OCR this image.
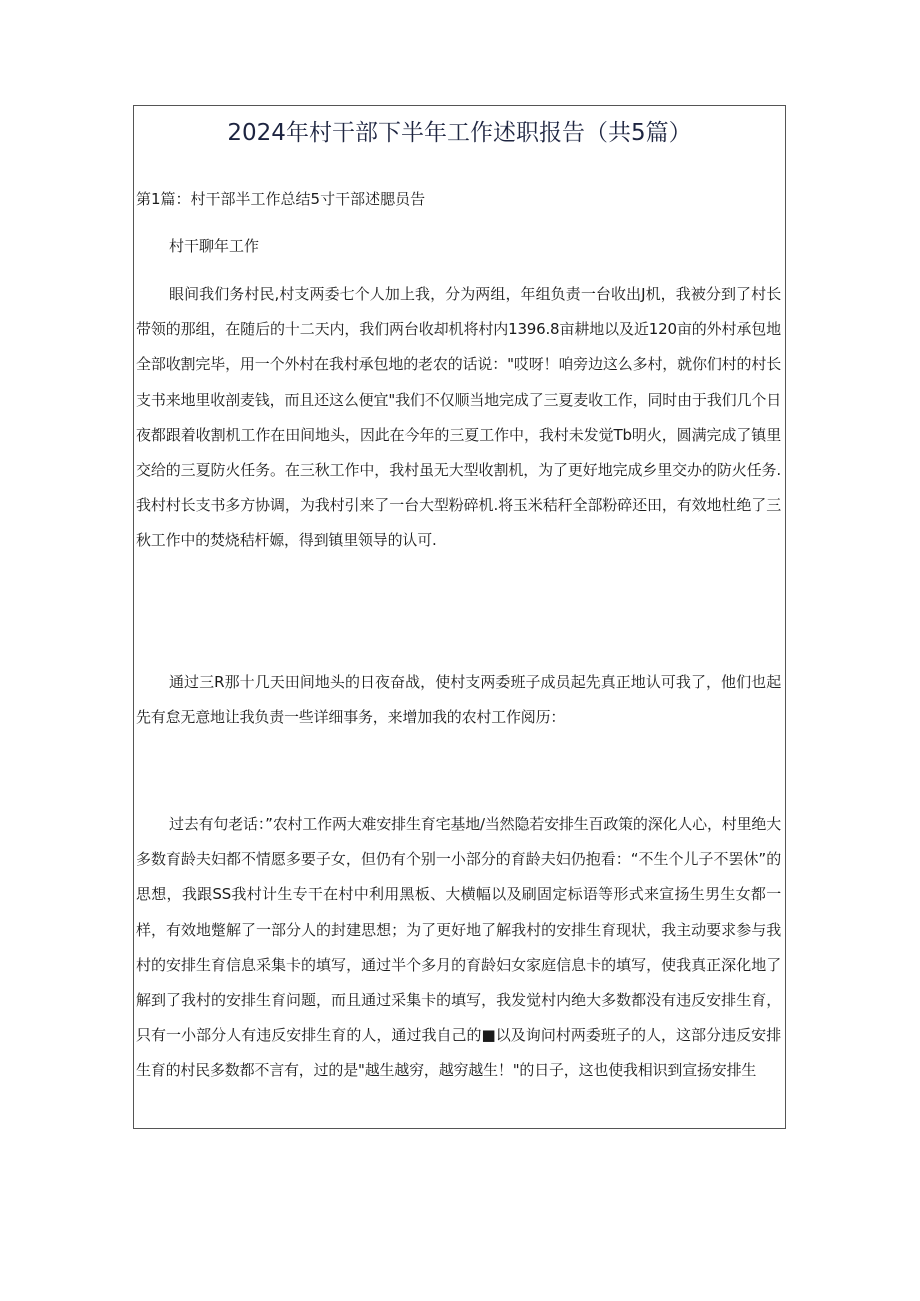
2024年村干部下半年工作述职报告（共5篇）
第1篇：村干部半工作总结5寸干部述腮员告

村干聊年工作

眼间我们务村民,村支两委七个人加上我，分为两组，年组负责一台收出J机，我被分到了村长带领的那组，在随后的十二天内，我们两台收却机将村内1396.8亩耕地以及近120亩的外村承包地全部收割完毕，用一个外村在我村承包地的老农的话说："哎呀！咱旁边这么多村，就你们村的村长支书来地里收剖麦钱，而且还这么便宜"我们不仅顺当地完成了三夏麦收工作，同时由于我们几个日夜都跟着收割机工作在田间地头，因此在今年的三夏工作中，我村未发觉Tb明火，圆满完成了镇里交给的三夏防火任务。在三秋工作中，我村虽无大型收割机，为了更好地完成乡里交办的防火任务.我村村长支书多方协调，为我村引来了一台大型粉碎机.将玉米秸秆全部粉碎还田，有效地杜绝了三秋工作中的焚烧秸杆嫄，得到镇里领导的认可.

通过三R那十几天田间地头的日夜奋战，使村支两委班子成员起先真正地认可我了，他们也起先有怠无意地让我负责一些详细事务，来增加我的农村工作阅历：

过去有句老话：”农村工作两大难安排生育宅基地∕当然隐若安排生百政策的深化人心，村里绝大多数育龄夫妇都不情愿多要子女，但仍有个别一小部分的育龄夫妇仍抱看：“不生个儿子不罢休”的思想，我跟SS我村计生专干在村中利用黑板、大横幅以及刷固定标语等形式来宣扬生男生女都一样，有效地蹩解了一部分人的封建思想；为了更好地了解我村的安排生育现状，我主动要求参与我村的安排生育信息采集卡的填写，通过半个多月的育龄妇女家庭信息卡的填写，使我真正深化地了解到了我村的安排生育问题，而且通过采集卡的填写，我发觉村内绝大多数都没有违反安排生育，只有一小部分人有违反安排生育的人，通过我自己的■以及询问村两委班子的人，这部分违反安排生育的村民多数都不言有，过的是"越生越穷，越穷越生！"的日子，这也使我相识到宣扬安排生
